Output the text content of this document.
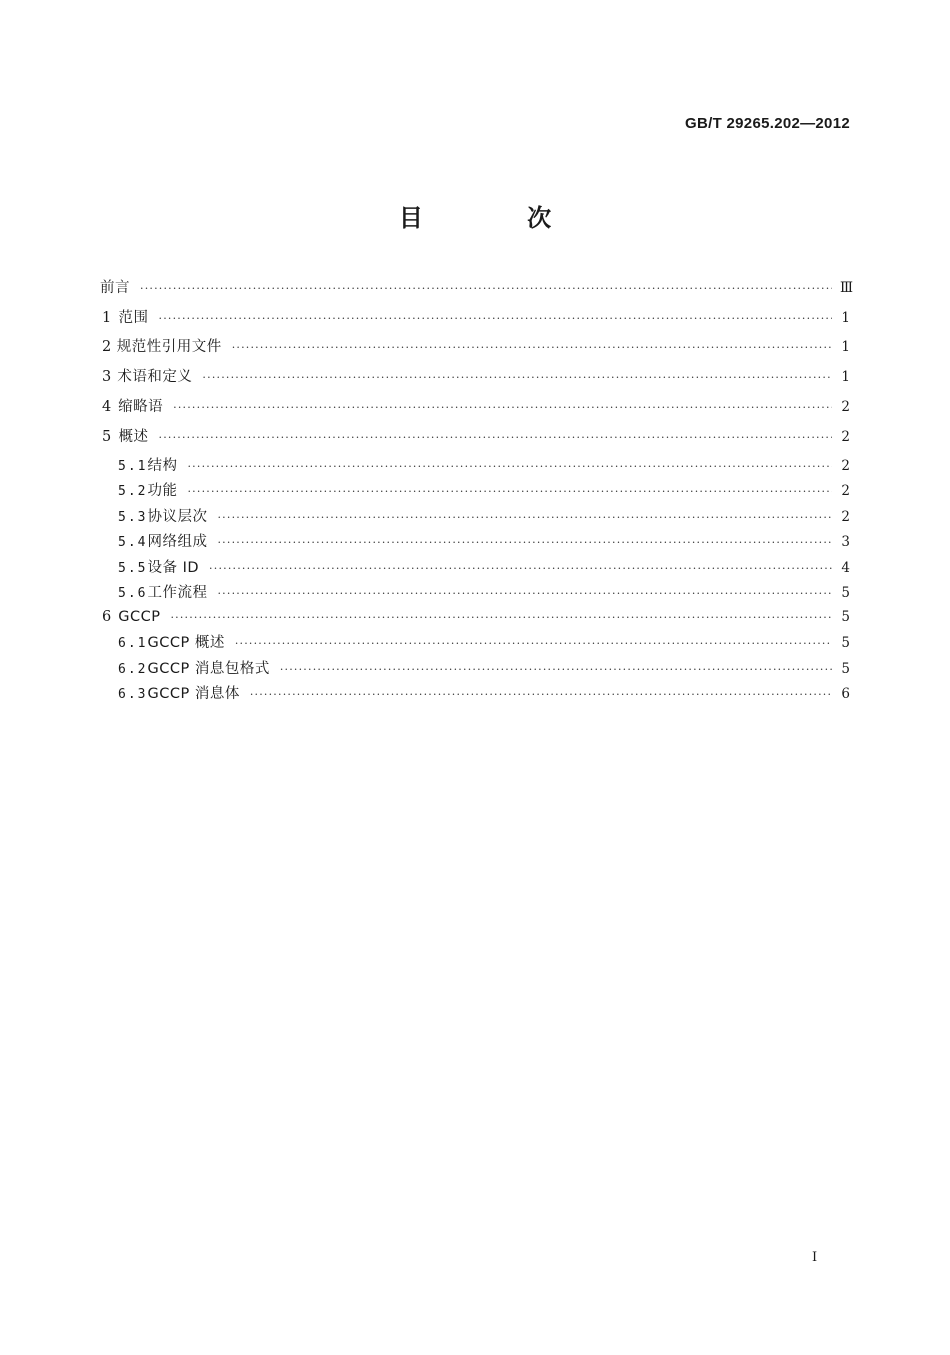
GB/T 29265.202—2012
目 次
前言 ·····	Ⅲ
1 范围 ·····	1
2 规范性引用文件 ·····	1
3 术语和定义 ·····	1
4 缩略语 ·····	2
5 概述 ·····	2
5.1 结构 ·····	2
5.2 功能 ·····	2
5.3 协议层次 ·····	2
5.4 网络组成 ·····	3
5.5 设备 ID ·····	4
5.6 工作流程 ·····	5
6 GCCP ·····	5
6.1 GCCP 概述 ·····	5
6.2 GCCP 消息包格式 ·····	5
6.3 GCCP 消息体 ·····	6
I
